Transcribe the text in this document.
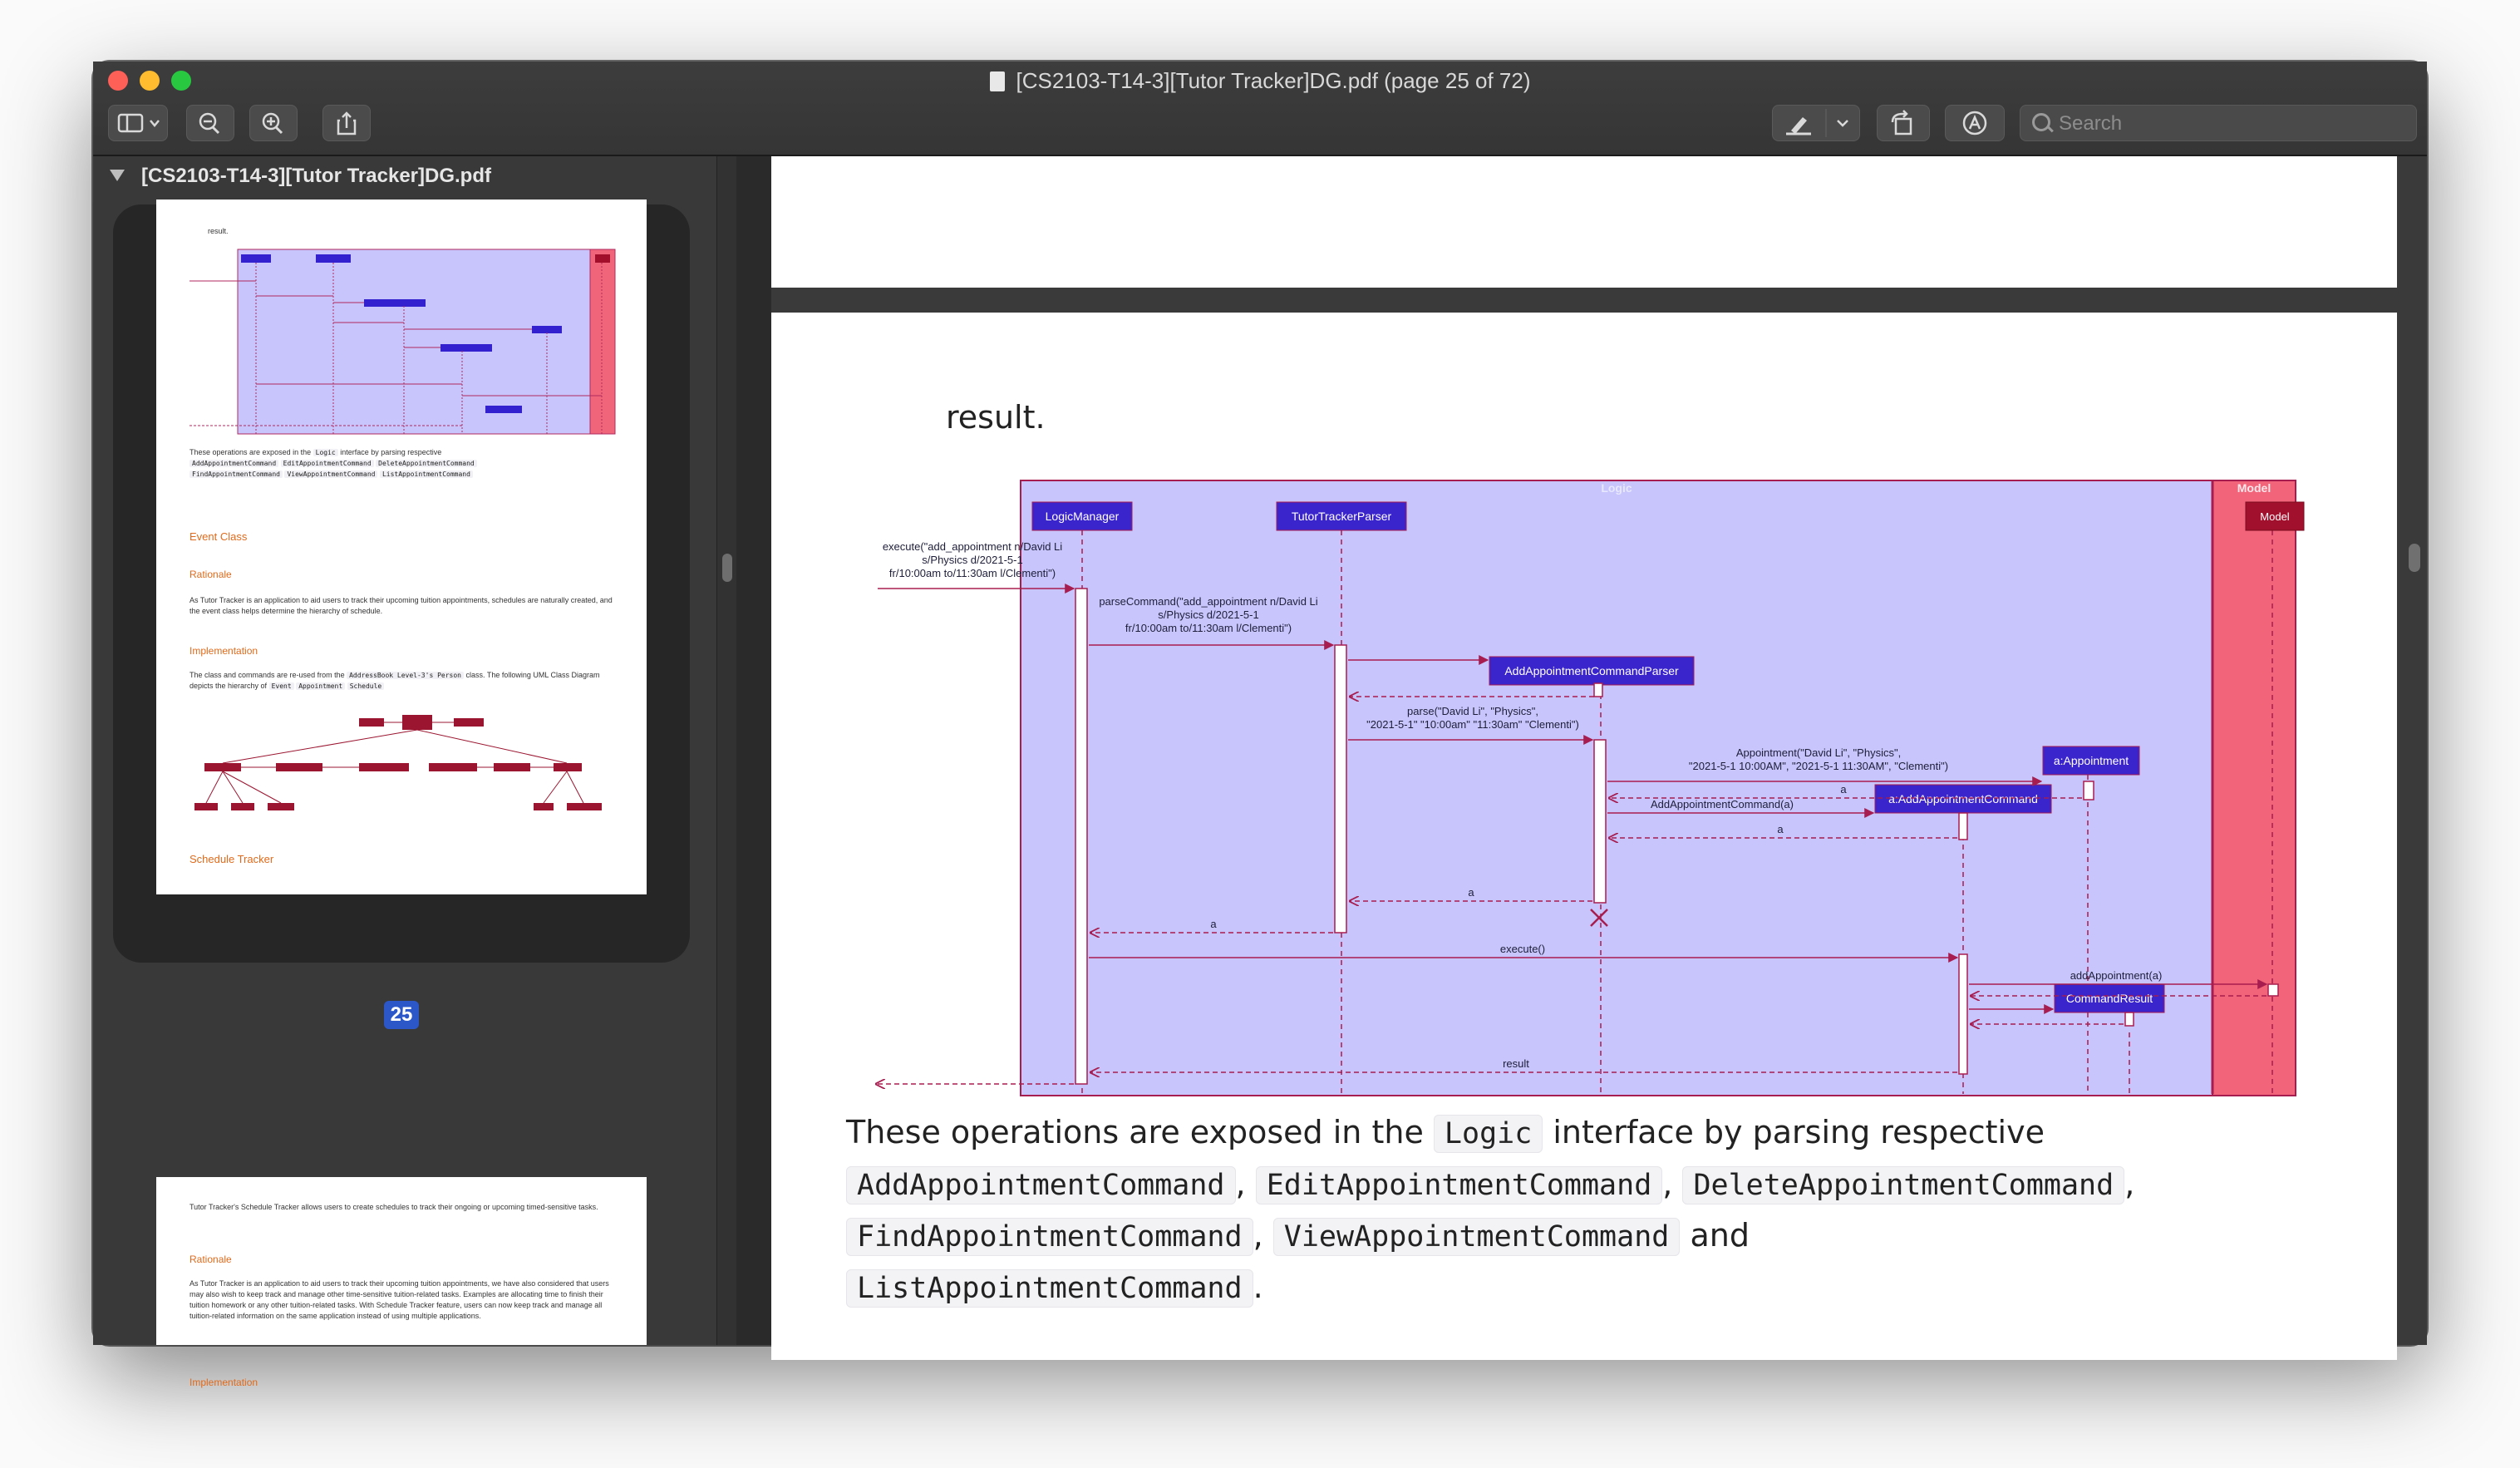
[CS2103-T14-3][Tutor Tracker]DG.pdf (page 25 of 72)
Search
[CS2103-T14-3][Tutor Tracker]DG.pdf
result.
These operations are exposed in the Logic interface by parsing respective
AddAppointmentCommand EditAppointmentCommand DeleteAppointmentCommand
FindAppointmentCommand ViewAppointmentCommand ListAppointmentCommand
Event Class
Rationale
As Tutor Tracker is an application to aid users to track their upcoming tuition appointments, schedules are naturally created, and the event class helps determine the hierarchy of schedule.
Implementation
The class and commands are re-used from the AddressBook Level-3's Person class. The following UML Class Diagram depicts the hierarchy of Event Appointment Schedule
Schedule Tracker
25
Tutor Tracker's Schedule Tracker allows users to create schedules to track their ongoing or upcoming timed-sensitive tasks.
Rationale
As Tutor Tracker is an application to aid users to track their upcoming tuition appointments, we have also considered that users may also wish to keep track and manage other time-sensitive tuition-related tasks. Examples are allocating time to finish their tuition homework or any other tuition-related tasks. With Schedule Tracker feature, users can now keep track and manage all tuition-related information on the same application instead of using multiple applications.
Implementation
result.
Logic	Model
LogicManager	TutorTrackerParser	Model
AddAppointmentCommandParser
a:Appointment
a:AddAppointmentCommand
CommandResult
execute("add_appointment n/David Li
s/Physics d/2021-5-1
fr/10:00am to/11:30am l/Clementi")
parseCommand("add_appointment n/David Li
s/Physics d/2021-5-1
fr/10:00am to/11:30am l/Clementi")
parse("David Li", "Physics",
"2021-5-1" "10:00am" "11:30am" "Clementi")
Appointment("David Li", "Physics",
"2021-5-1 10:00AM", "2021-5-1 11:30AM", "Clementi")
a
AddAppointmentCommand(a)
a
a
a
execute()
addAppointment(a)
result
These operations are exposed in the Logic interface by parsing respective
AddAppointmentCommand , EditAppointmentCommand , DeleteAppointmentCommand ,
FindAppointmentCommand , ViewAppointmentCommand and ListAppointmentCommand .
